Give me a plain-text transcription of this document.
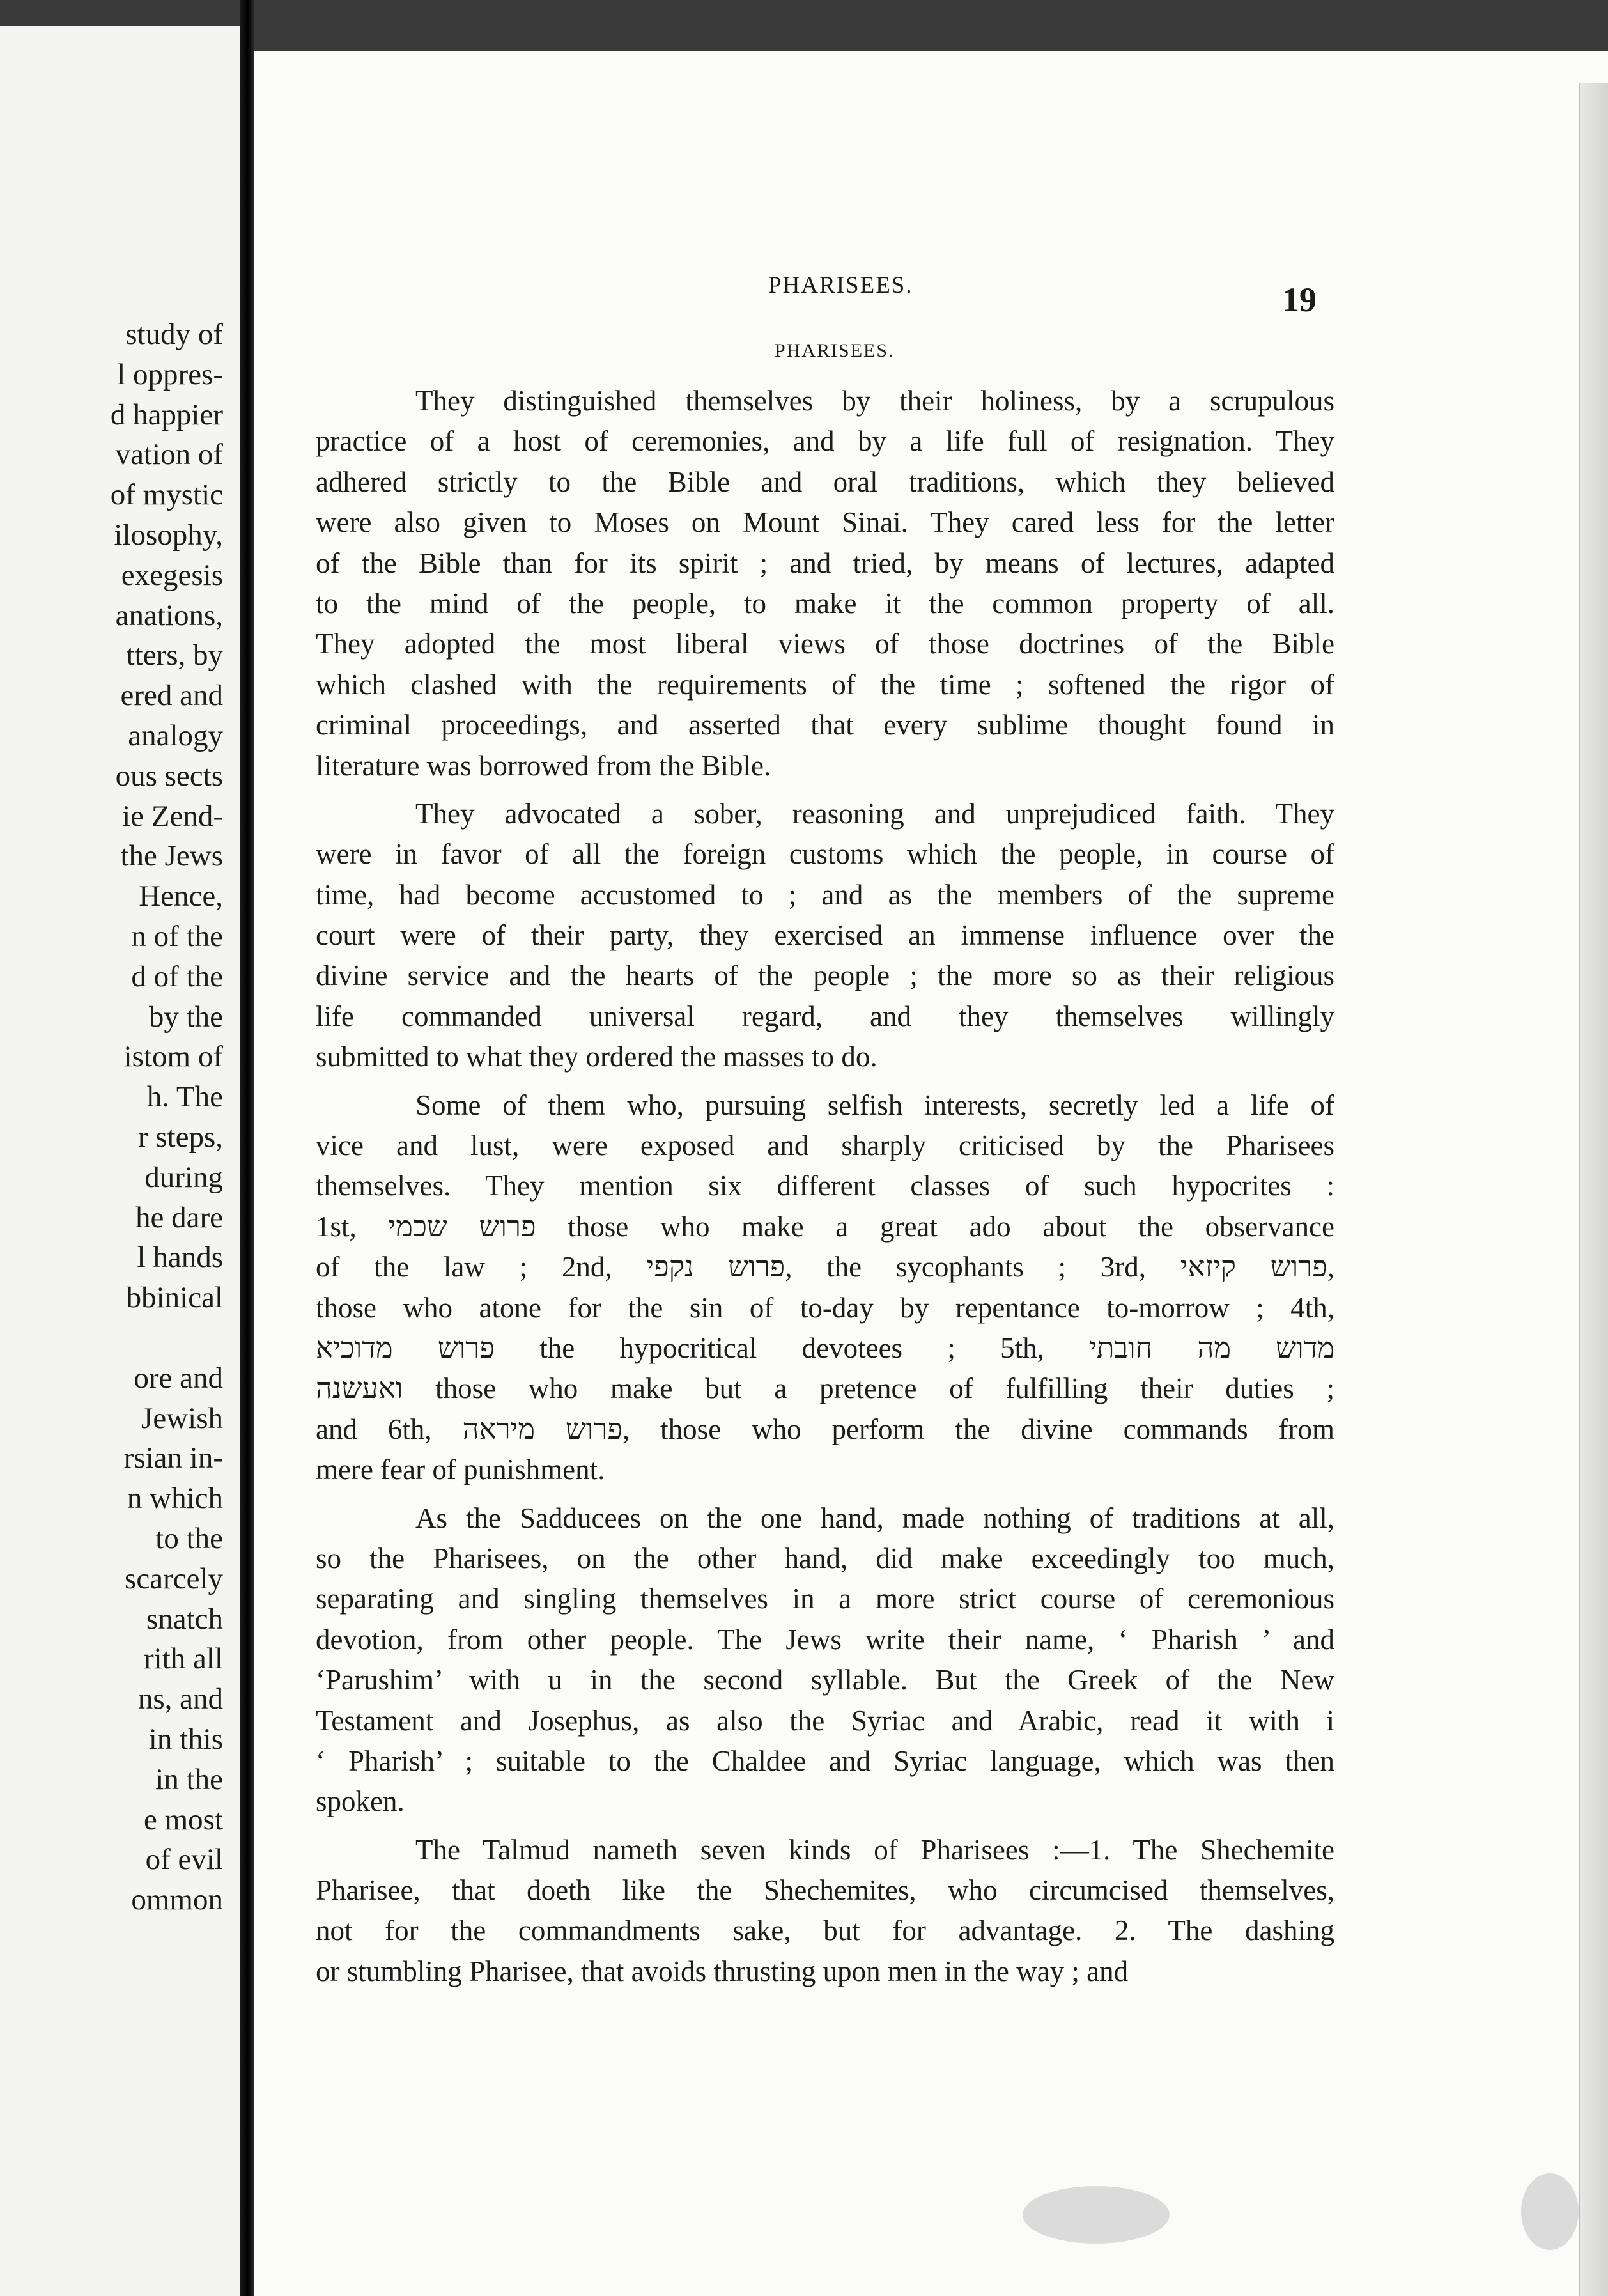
study of
l oppres-
d happier
vation of
of mystic
ilosophy,
exegesis
anations,
tters, by
ered and
analogy
ous sects
ie Zend-
the Jews
Hence,
n of the
d of the
by the
istom of
h. The
r steps,
during
he dare
l hands
bbinical
ore and
Jewish
rsian in-
n which
to the
scarcely
snatch
rith all
ns, and
in this
in the
e most
of evil
ommon
PHARISEES.	19
PHARISEES.
They distinguished themselves by their holiness, by a scrupulous
practice of a host of ceremonies, and by a life full of resignation. They
adhered strictly to the Bible and oral traditions, which they believed
were also given to Moses on Mount Sinai. They cared less for the letter
of the Bible than for its spirit ; and tried, by means of lectures, adapted
to the mind of the people, to make it the common property of all.
They adopted the most liberal views of those doctrines of the Bible
which clashed with the requirements of the time ; softened the rigor of
criminal proceedings, and asserted that every sublime thought found in
literature was borrowed from the Bible.
They advocated a sober, reasoning and unprejudiced faith. They
were in favor of all the foreign customs which the people, in course of
time, had become accustomed to ; and as the members of the supreme
court were of their party, they exercised an immense influence over the
divine service and the hearts of the people ; the more so as their religious
life commanded universal regard, and they themselves willingly
submitted to what they ordered the masses to do.
Some of them who, pursuing selfish interests, secretly led a life of
vice and lust, were exposed and sharply criticised by the Pharisees
themselves. They mention six different classes of such hypocrites :
1st, פרוש שכמי those who make a great ado about the observance
of the law ; 2nd, פרוש נקפי, the sycophants ; 3rd, פרוש קיזאי,
those who atone for the sin of to-day by repentance to-morrow ; 4th,
פרוש מדוכיא the hypocritical devotees ; 5th, מדוש מה חובתי
ואעשנה those who make but a pretence of fulfilling their duties ;
and 6th, פרוש מיראה, those who perform the divine commands from
mere fear of punishment.
As the Sadducees on the one hand, made nothing of traditions at all,
so the Pharisees, on the other hand, did make exceedingly too much,
separating and singling themselves in a more strict course of ceremonious
devotion, from other people. The Jews write their name, ‘ Pharish ’ and
‘Parushim’ with u in the second syllable. But the Greek of the New
Testament and Josephus, as also the Syriac and Arabic, read it with i
‘ Pharish’ ; suitable to the Chaldee and Syriac language, which was then
spoken.
The Talmud nameth seven kinds of Pharisees :—1. The Shechemite
Pharisee, that doeth like the Shechemites, who circumcised themselves,
not for the commandments sake, but for advantage. 2. The dashing
or stumbling Pharisee, that avoids thrusting upon men in the way ; and
